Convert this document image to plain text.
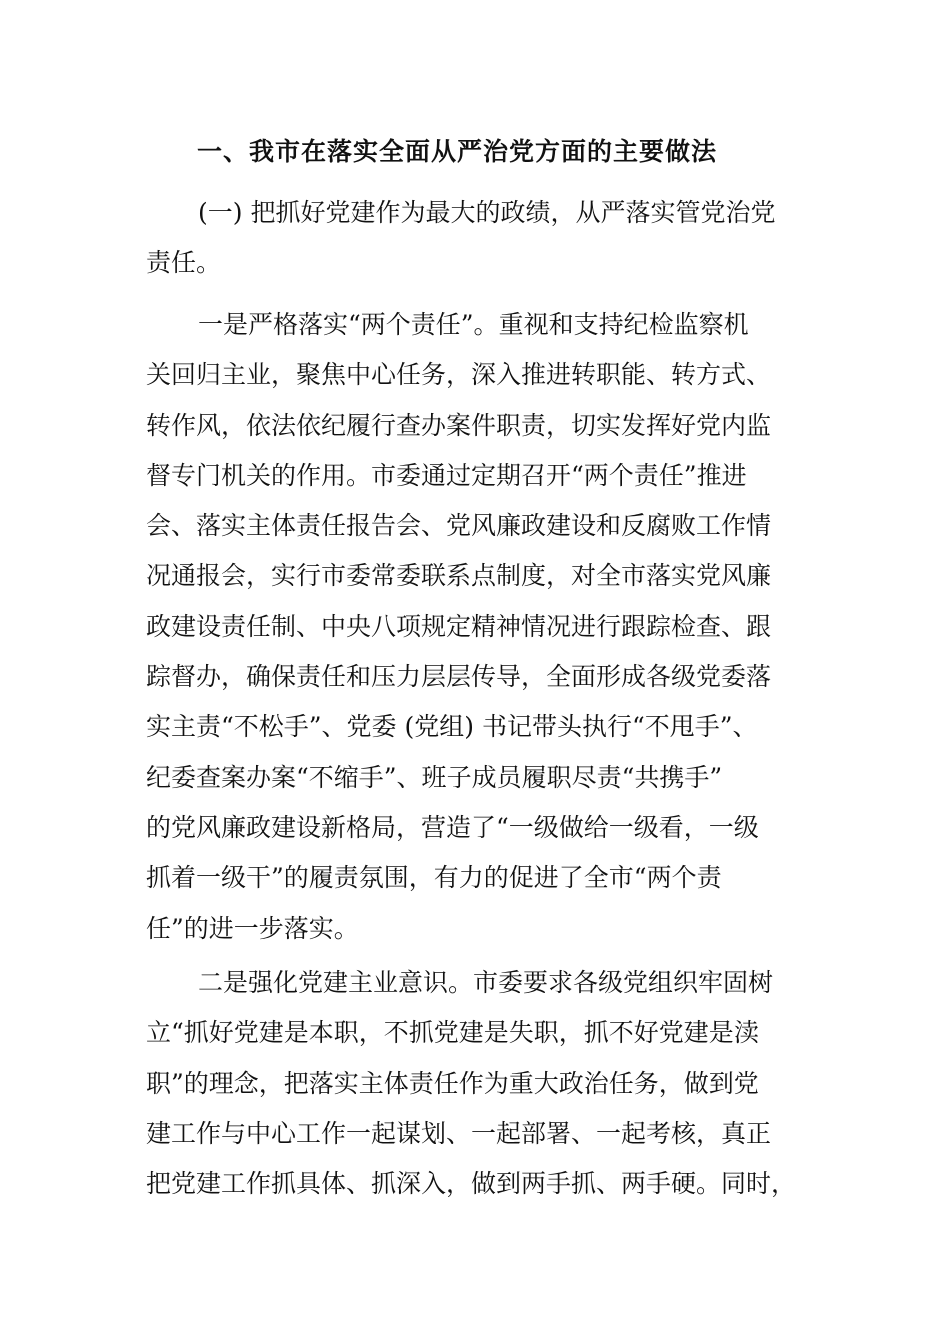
一、我市在落实全面从严治党方面的主要做法
(一) 把抓好党建作为最大的政绩，从严落实管党治党
责任。
一是严格落实“两个责任”。重视和支持纪检监察机
关回归主业，聚焦中心任务，深入推进转职能、转方式、
转作风，依法依纪履行查办案件职责，切实发挥好党内监
督专门机关的作用。市委通过定期召开“两个责任”推进
会、落实主体责任报告会、党风廉政建设和反腐败工作情
况通报会，实行市委常委联系点制度，对全市落实党风廉
政建设责任制、中央八项规定精神情况进行跟踪检查、跟
踪督办，确保责任和压力层层传导，全面形成各级党委落
实主责“不松手”、党委 (党组) 书记带头执行“不甩手”、
纪委查案办案“不缩手”、班子成员履职尽责“共携手”
的党风廉政建设新格局，营造了“一级做给一级看，一级
抓着一级干”的履责氛围，有力的促进了全市“两个责
任”的进一步落实。
二是强化党建主业意识。市委要求各级党组织牢固树
立“抓好党建是本职，不抓党建是失职，抓不好党建是渎
职”的理念，把落实主体责任作为重大政治任务，做到党
建工作与中心工作一起谋划、一起部署、一起考核，真正
把党建工作抓具体、抓深入，做到两手抓、两手硬。同时，
